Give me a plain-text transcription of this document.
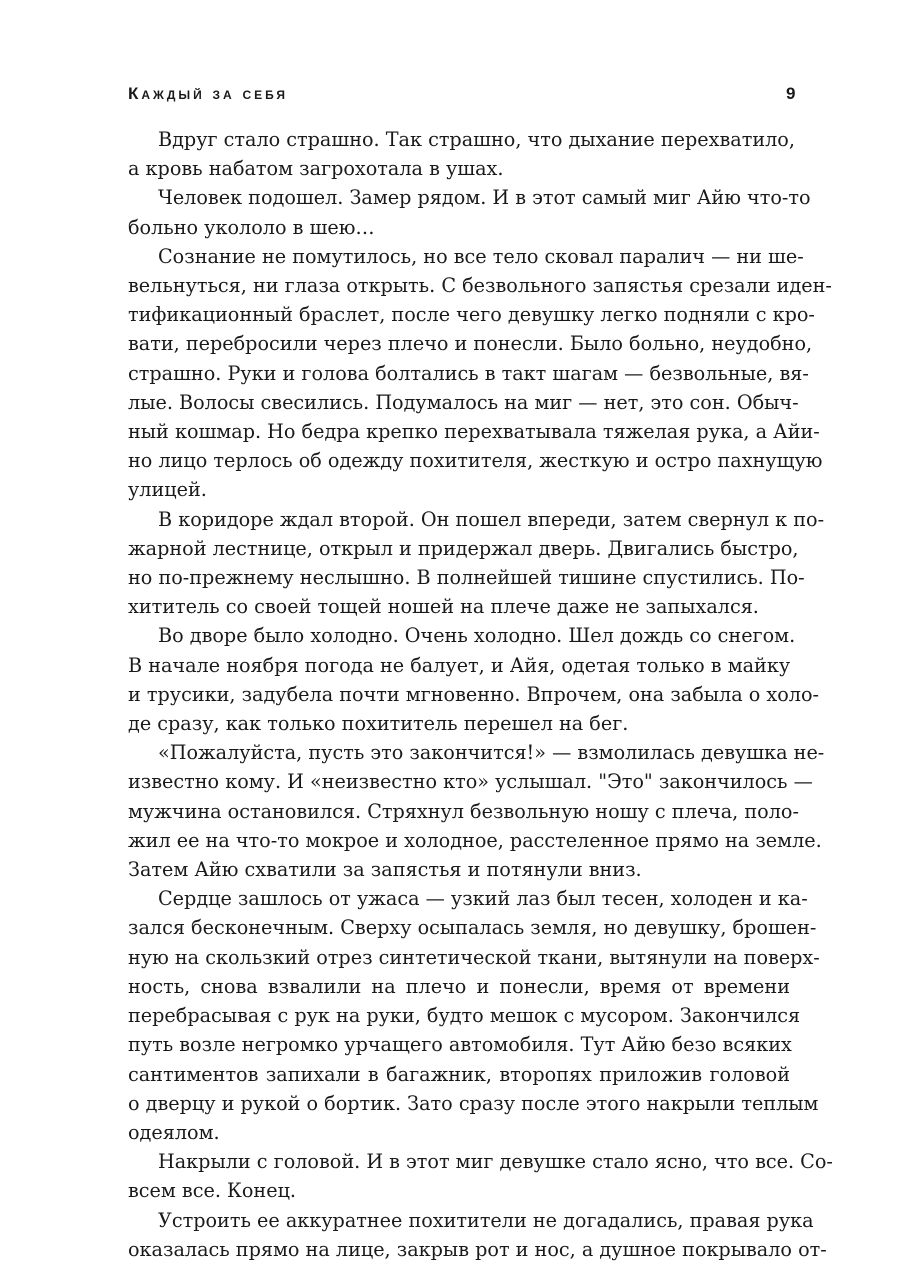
Каждый за себя	9
Вдруг стало страшно. Так страшно, что дыхание перехватило,
а кровь набатом загрохотала в ушах.
Человек подошел. Замер рядом. И в этот самый миг Айю что-то
больно укололо в шею…
Сознание не помутилось, но все тело сковал паралич — ни ше-
вельнуться, ни глаза открыть. С безвольного запястья срезали иден-
тификационный браслет, после чего девушку легко подняли с кро-
вати, перебросили через плечо и понесли. Было больно, неудобно,
страшно. Руки и голова болтались в такт шагам — безвольные, вя-
лые. Волосы свесились. Подумалось на миг — нет, это сон. Обыч-
ный кошмар. Но бедра крепко перехватывала тяжелая рука, а Айи-
но лицо терлось об одежду похитителя, жесткую и остро пахнущую
улицей.
В коридоре ждал второй. Он пошел впереди, затем свернул к по-
жарной лестнице, открыл и придержал дверь. Двигались быстро,
но по-прежнему неслышно. В полнейшей тишине спустились. По-
хититель со своей тощей ношей на плече даже не запыхался.
Во дворе было холодно. Очень холодно. Шел дождь со снегом.
В начале ноября погода не балует, и Айя, одетая только в майку
и трусики, задубела почти мгновенно. Впрочем, она забыла о холо-
де сразу, как только похититель перешел на бег.
«Пожалуйста, пусть это закончится!» — взмолилась девушка не-
известно кому. И «неизвестно кто» услышал. "Это" закончилось —
мужчина остановился. Стряхнул безвольную ношу с плеча, поло-
жил ее на что-то мокрое и холодное, расстеленное прямо на земле.
Затем Айю схватили за запястья и потянули вниз.
Сердце зашлось от ужаса — узкий лаз был тесен, холоден и ка-
зался бесконечным. Сверху осыпалась земля, но девушку, брошен-
ную на скользкий отрез синтетической ткани, вытянули на поверх-
ность, снова взвалили на плечо и понесли, время от времени
перебрасывая с рук на руки, будто мешок с мусором. Закончился
путь возле негромко урчащего автомобиля. Тут Айю безо всяких
сантиментов запихали в багажник, второпях приложив головой
о дверцу и рукой о бортик. Зато сразу после этого накрыли теплым
одеялом.
Накрыли с головой. И в этот миг девушке стало ясно, что все. Со-
всем все. Конец.
Устроить ее аккуратнее похитители не догадались, правая рука
оказалась прямо на лице, закрыв рот и нос, а душное покрывало от-
